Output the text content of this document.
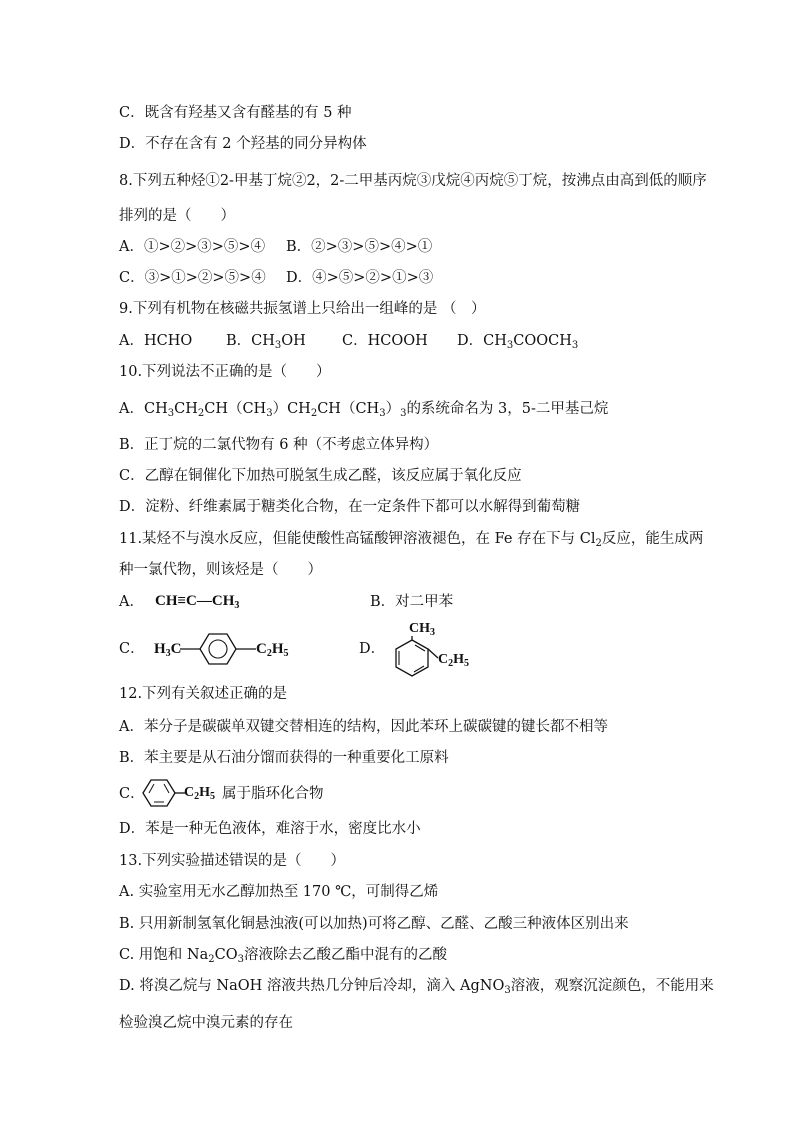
C．既含有羟基又含有醛基的有 5 种
D．不存在含有 2 个羟基的同分异构体
8.下列五种烃①2-甲基丁烷②2，2-二甲基丙烷③戊烷④丙烷⑤丁烷，按沸点由高到低的顺序
排列的是（　　）
A．①>②>③>⑤>④ B．②>③>⑤>④>①
C．③>①>②>⑤>④ D．④>⑤>②>①>③
9.下列有机物在核磁共振氢谱上只给出一组峰的是 （　）
A．HCHO B．$CH_3OH$ C．HCOOH D．$CH_3COOCH_3$
10.下列说法不正确的是（　　）
A．$CH_3CH_2CH(CH_3)CH_2CH(CH_3)_3$的系统命名为 3，5-二甲基己烷
B．正丁烷的二氯代物有 6 种（不考虑立体异构）
C．乙醇在铜催化下加热可脱氢生成乙醛，该反应属于氧化反应
D．淀粉、纤维素属于糖类化合物，在一定条件下都可以水解得到葡萄糖
11.某烃不与溴水反应，但能使酸性高锰酸钾溶液褪色，在 Fe 存在下与 $Cl_2$反应，能生成两
种一氯代物，则该烃是（　　）
A． $CH\equiv C—CH_3$	B．对二甲苯
C． $H_3C$	$C_2H_5$	D．
$CH_3$
$C_2H_5$
12.下列有关叙述正确的是
A．苯分子是碳碳单双键交替相连的结构，因此苯环上碳碳键的键长都不相等
B．苯主要是从石油分馏而获得的一种重要化工原料
C．	$C_2H_5$ 属于脂环化合物
D．苯是一种无色液体，难溶于水，密度比水小
13.下列实验描述错误的是（　　）
A. 实验室用无水乙醇加热至 170 ℃，可制得乙烯
B. 只用新制氢氧化铜悬浊液(可以加热)可将乙醇、乙醛、乙酸三种液体区别出来
C. 用饱和 $Na_2CO_3$溶液除去乙酸乙酯中混有的乙酸
D. 将溴乙烷与 NaOH 溶液共热几分钟后冷却，滴入 AgNO$_3$溶液，观察沉淀颜色，不能用来
检验溴乙烷中溴元素的存在
